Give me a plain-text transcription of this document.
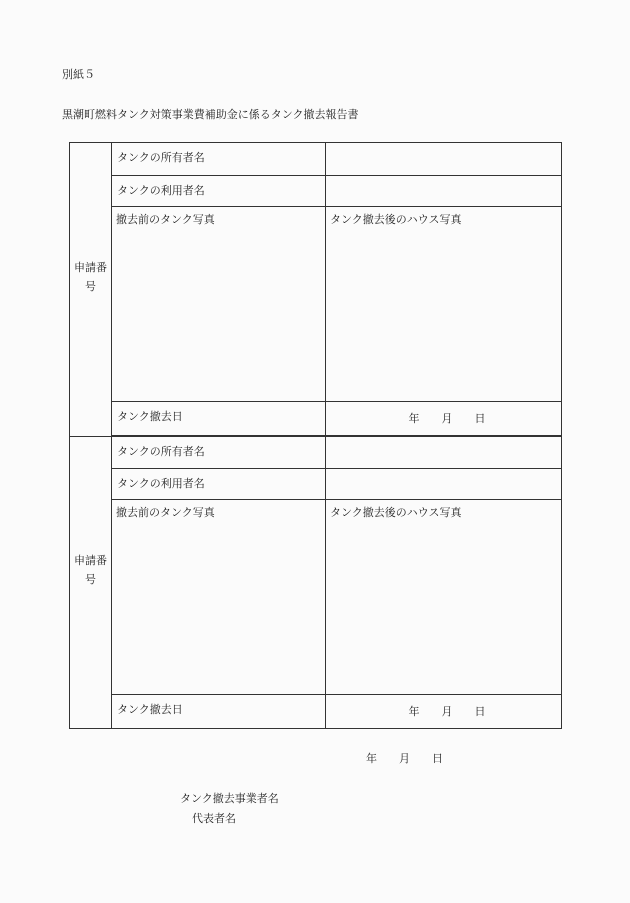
別紙５
黒潮町燃料タンク対策事業費補助金に係るタンク撤去報告書
申請番号	タンクの所有者名	
	タンクの利用者名	
	撤去前のタンク写真	タンク撤去後のハウス写真
	タンク撤去日	年　　月　　日

申請番号	タンクの所有者名	
	タンクの利用者名	
	撤去前のタンク写真	タンク撤去後のハウス写真
	タンク撤去日	年　　月　　日
年　　月　　日
タンク撤去事業者名
代表者名
